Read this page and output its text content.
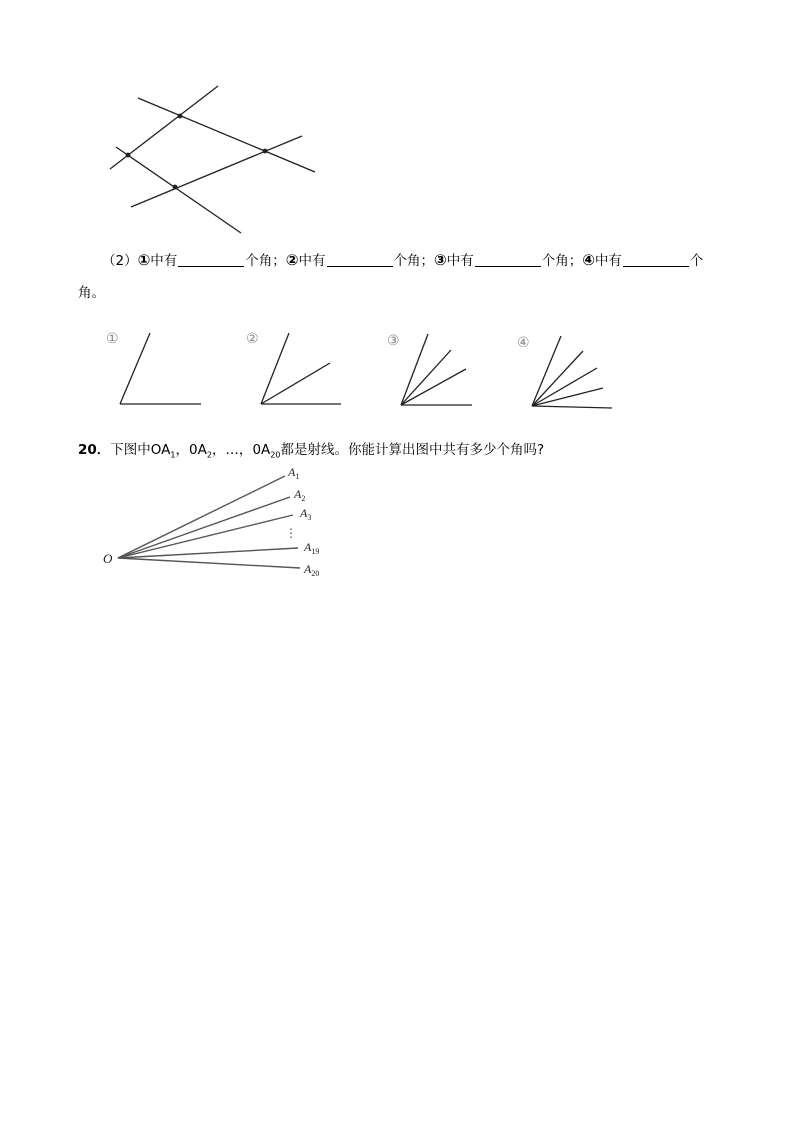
（2）①中有	个角；②中有	个角；③中有	个角；④中有	个
角。
①	②	③	④
20．下图中$OA_1$，$0A_2$，…，$0A_{20}$都是射线。你能计算出图中共有多少个角吗?
O
$A_1$
$A_2$
$A_3$
⋮
$A_{19}$
$A_{20}$
